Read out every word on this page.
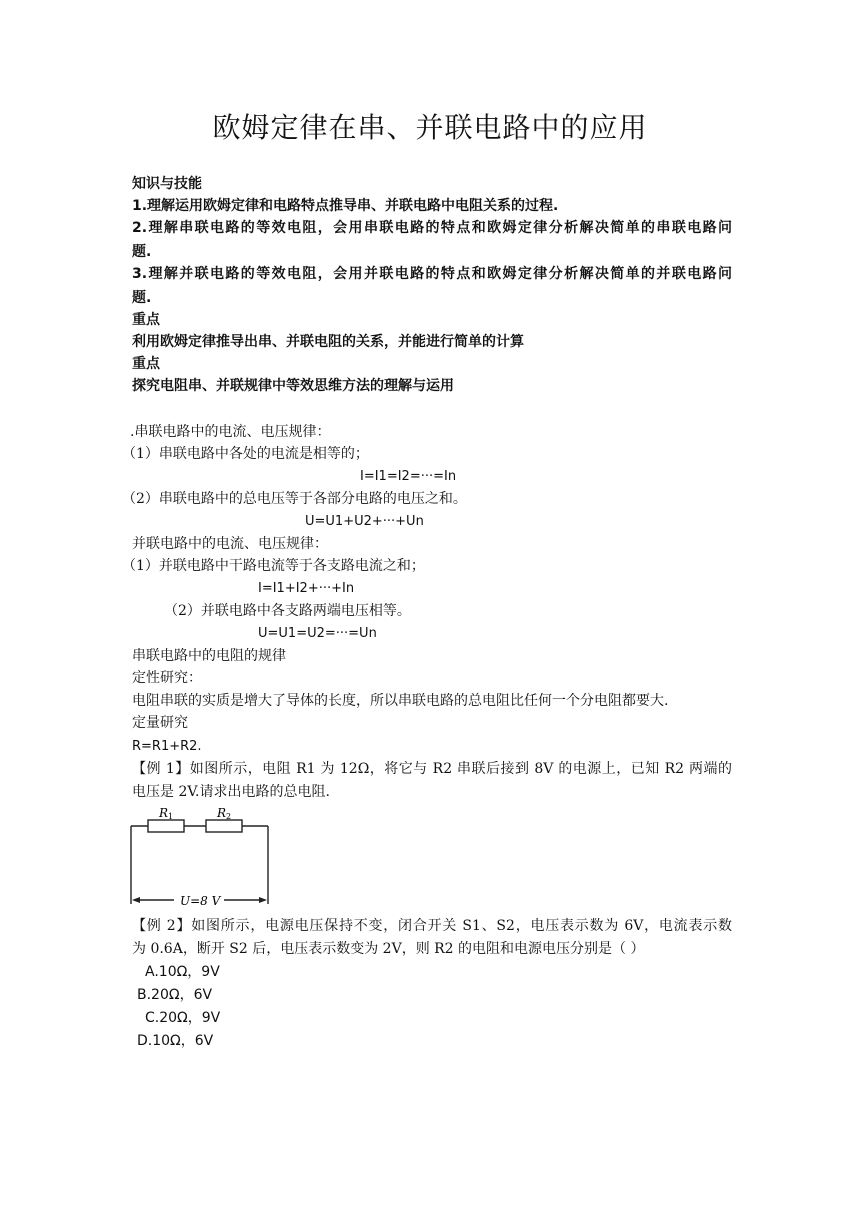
欧姆定律在串、并联电路中的应用
知识与技能
1.理解运用欧姆定律和电路特点推导串、并联电路中电阻关系的过程.
2.理解串联电路的等效电阻，会用串联电路的特点和欧姆定律分析解决简单的串联电路问
题.
3.理解并联电路的等效电阻，会用并联电路的特点和欧姆定律分析解决简单的并联电路问
题.
重点
利用欧姆定律推导出串、并联电阻的关系，并能进行简单的计算
重点
探究电阻串、并联规律中等效思维方法的理解与运用
.串联电路中的电流、电压规律：
（1）串联电路中各处的电流是相等的；
I=I1=I2=···=In
（2）串联电路中的总电压等于各部分电路的电压之和。
U=U1+U2+···+Un
并联电路中的电流、电压规律：
（1）并联电路中干路电流等于各支路电流之和；
I=I1+I2+···+In
（2）并联电路中各支路两端电压相等。
U=U1=U2=···=Un
串联电路中的电阻的规律
定性研究：
电阻串联的实质是增大了导体的长度，所以串联电路的总电阻比任何一个分电阻都要大.
定量研究
R=R1+R2.
【例 1】如图所示，电阻 R1 为 12Ω，将它与 R2 串联后接到 8V 的电源上，已知 R2 两端的
电压是 2V.请求出电路的总电阻.
R1	R2
U=8 V
【例 2】如图所示，电源电压保持不变，闭合开关 S1、S2，电压表示数为 6V，电流表示数
为 0.6A，断开 S2 后，电压表示数变为 2V，则 R2 的电阻和电源电压分别是（ ）
A.10Ω，9V
B.20Ω，6V
C.20Ω，9V
D.10Ω，6V
